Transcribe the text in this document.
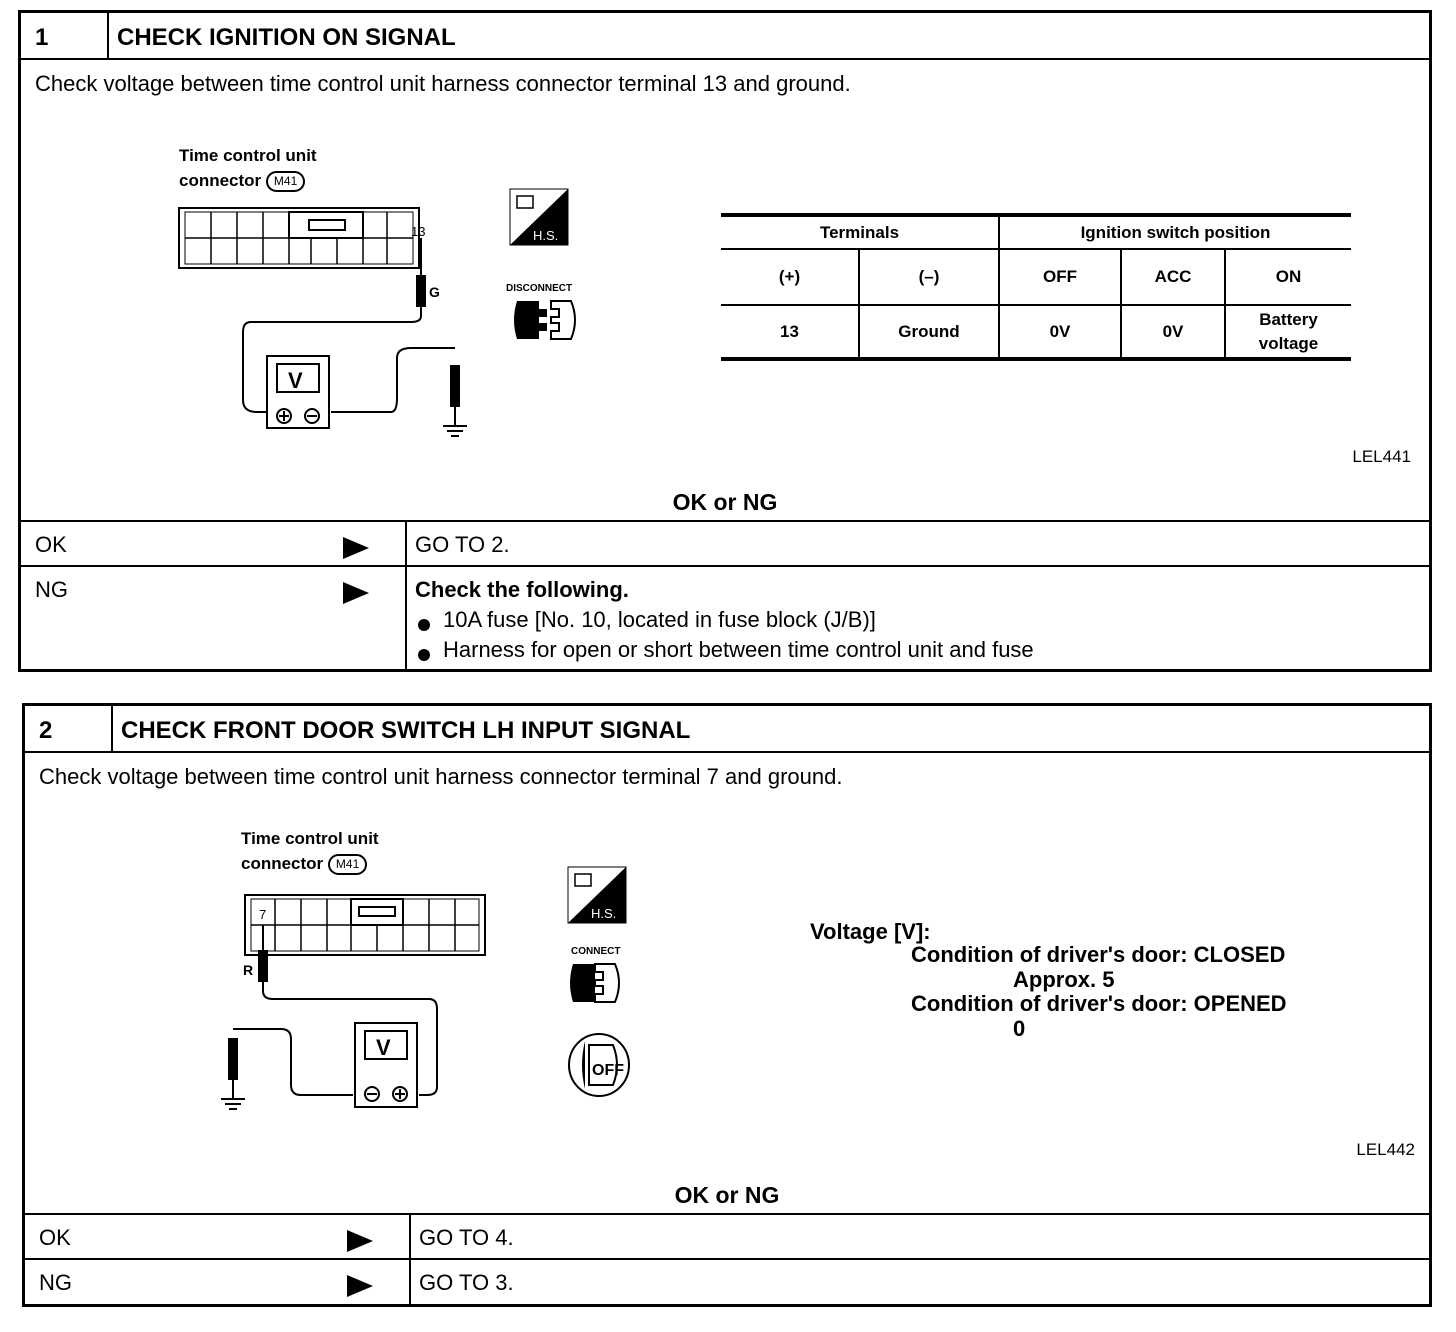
1	CHECK IGNITION ON SIGNAL
Check voltage between time control unit harness connector terminal 13 and ground.
Time control unit
connector M41
13
G
V
H.S.
DISCONNECT
Terminals		Ignition switch position		
(+)	(–)	OFF	ACC	ON
13	Ground	0V	0V	Battery voltage
LEL441
OK or NG
OK	GO TO 2.
NG	Check the following.
10A fuse [No. 10, located in fuse block (J/B)]
Harness for open or short between time control unit and fuse
2	CHECK FRONT DOOR SWITCH LH INPUT SIGNAL
Check voltage between time control unit harness connector terminal 7 and ground.
Time control unit
connector M41
7
R
V
H.S.
CONNECT
OFF
Voltage [V]:
Condition of driver's door: CLOSED
Approx. 5
Condition of driver's door: OPENED
0
LEL442
OK or NG
OK	GO TO 4.
NG	GO TO 3.
